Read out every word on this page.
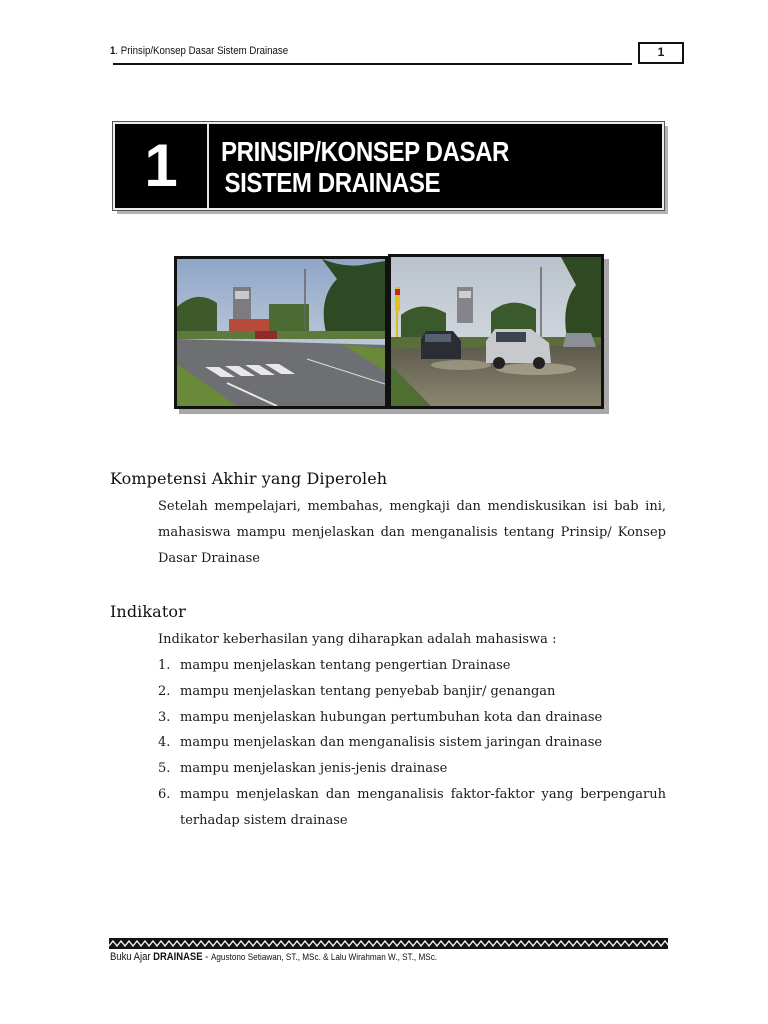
1. Prinsip/Konsep Dasar Sistem Drainase	1
1	PRINSIP/KONSEP DASAR
SISTEM DRAINASE
Kompetensi Akhir yang Diperoleh

Setelah mempelajari, membahas, mengkaji dan mendiskusikan isi bab ini, mahasiswa mampu menjelaskan dan menganalisis tentang Prinsip/ Konsep Dasar Drainase

Indikator

Indikator keberhasilan yang diharapkan adalah mahasiswa :

1. mampu menjelaskan tentang pengertian Drainase
2. mampu menjelaskan tentang penyebab banjir/ genangan
3. mampu menjelaskan hubungan pertumbuhan kota dan drainase
4. mampu menjelaskan dan menganalisis sistem jaringan drainase
5. mampu menjelaskan jenis-jenis drainase
6. mampu menjelaskan dan menganalisis faktor-faktor yang berpengaruh terhadap sistem drainase
Buku Ajar DRAINASE - Agustono Setiawan, ST., MSc. & Lalu Wirahman W., ST., MSc.
